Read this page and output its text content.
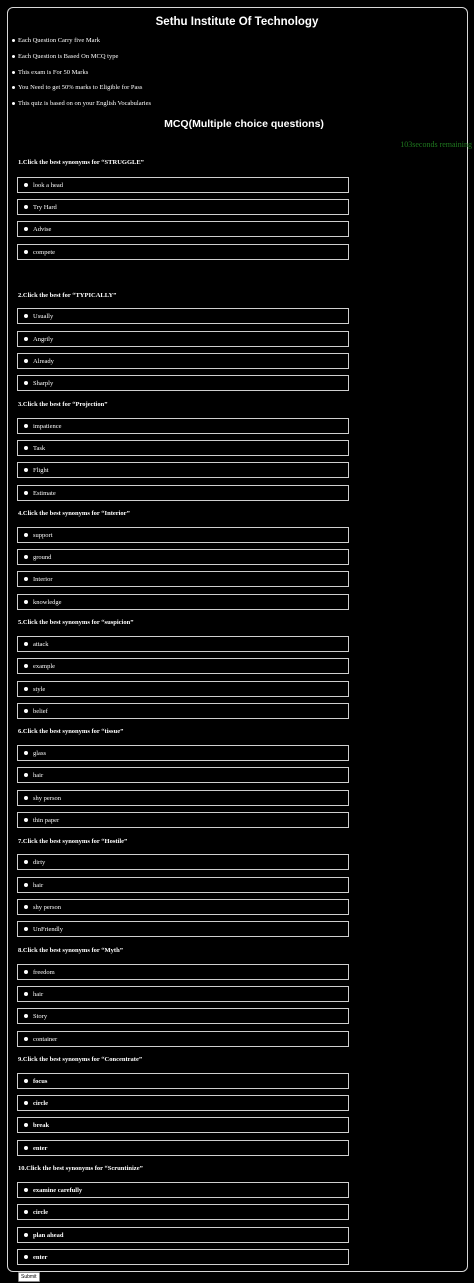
Sethu Institute Of Technology
Each Question Carry five Mark
Each Question is Based On MCQ type
This exam is For 50 Marks
You Need to get 50% marks to Eligible for Pass
This quiz is based on on your English Vocabularies
MCQ(Multiple choice questions)
103seconds remaining
1.Click the best synonyms for “STRUGGLE”
look a head
Try Hard
Advise
compete
2.Click the best for “TYPICALLY”
Usually
Angrily
Already
Sharply
3.Click the best for “Projection”
impatience
Task
Flight
Estimate
4.Click the best synonyms for “Interior”
support
ground
Interior
knowledge
5.Click the best synonyms for “suspicion”
attack
example
style
belief
6.Click the best synonyms for “tissue”
glass
hair
shy person
thin paper
7.Click the best synonyms for “Hostile”
dirty
hair
shy person
UnFriendly
8.Click the best synonyms for “Myth”
freedom
hair
Story
container
9.Click the best synonyms for “Concentrate”
focus
circle
break
enter
10.Click the best synonyms for “Scruntinize”
examine carefully
circle
plan ahead
enter
Submit
